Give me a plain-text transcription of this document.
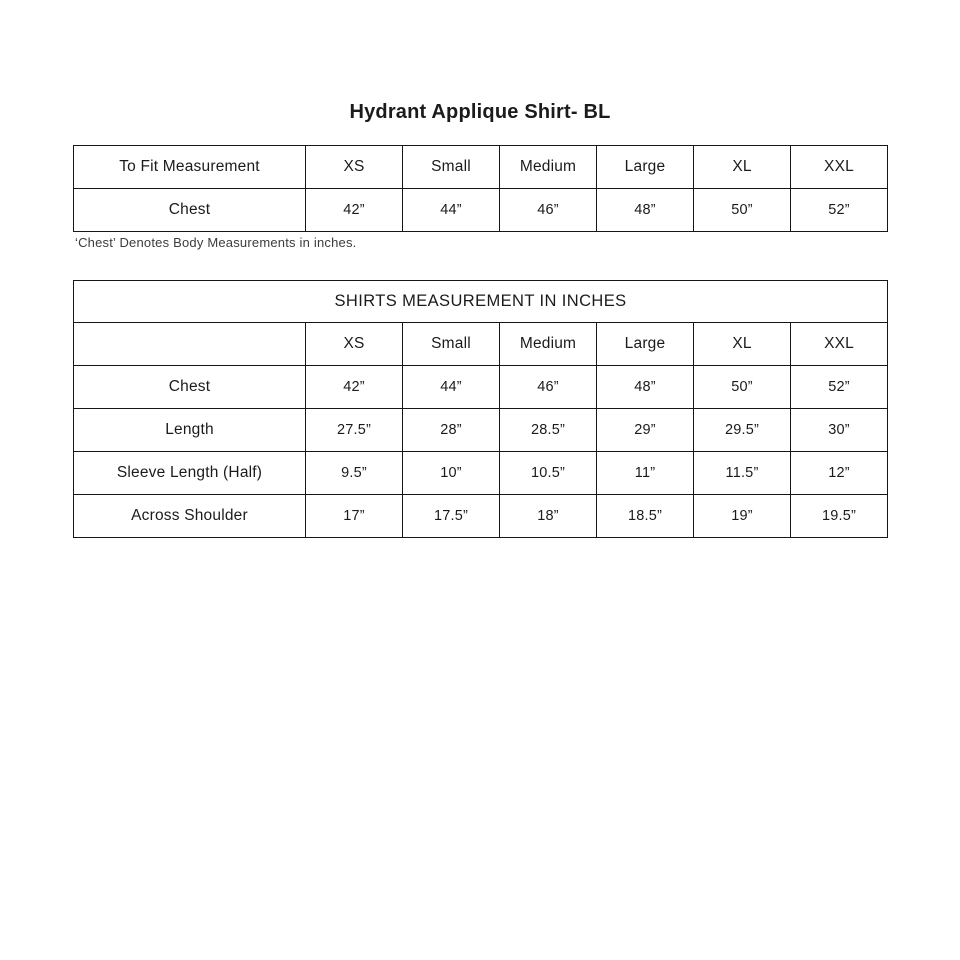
Hydrant Applique Shirt- BL
To Fit Measurement	XS	Small	Medium	Large	XL	XXL
Chest	42”	44”	46”	48”	50”	52”

‘Chest’ Denotes Body Measurements in inches.

SHIRTS MEASUREMENT IN INCHES						
	XS	Small	Medium	Large	XL	XXL
Chest	42”	44”	46”	48”	50”	52”
Length	27.5”	28”	28.5”	29”	29.5”	30”
Sleeve Length (Half)	9.5”	10”	10.5”	11”	11.5”	12”
Across Shoulder	17”	17.5”	18”	18.5”	19”	19.5”
